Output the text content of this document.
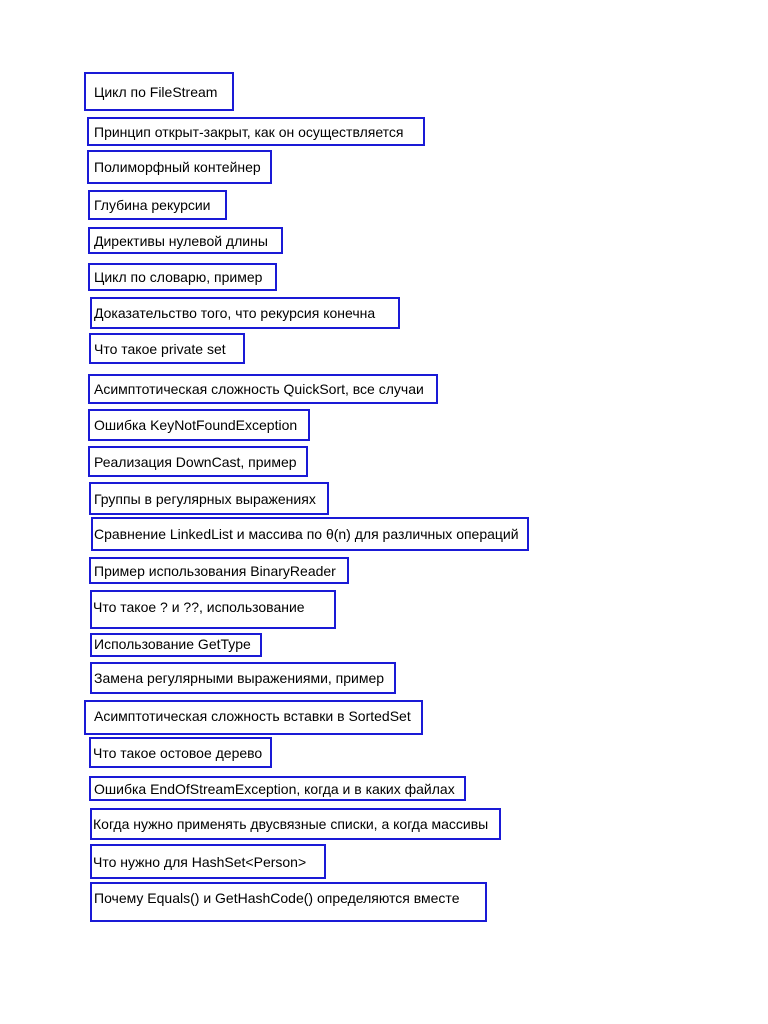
Цикл по FileStream
Принцип открыт-закрыт, как он осуществляется
Полиморфный контейнер
Глубина рекурсии
Директивы нулевой длины
Цикл по словарю, пример
Доказательство того, что рекурсия конечна
Что такое private set
Асимптотическая сложность QuickSort, все случаи
Ошибка KeyNotFoundException
Реализация DownCast, пример
Группы в регулярных выражениях
Сравнение LinkedList и массива по θ(n) для различных операций
Пример использования BinaryReader
Что такое ? и ??, использование
Использование GetType
Замена регулярными выражениями, пример
Асимптотическая сложность вставки в SortedSet
Что такое остовое дерево
Ошибка EndOfStreamException, когда и в каких файлах
Когда нужно применять двусвязные списки, а когда массивы
Что нужно для HashSet<Person>
Почему Equals() и GetHashCode() определяются вместе
